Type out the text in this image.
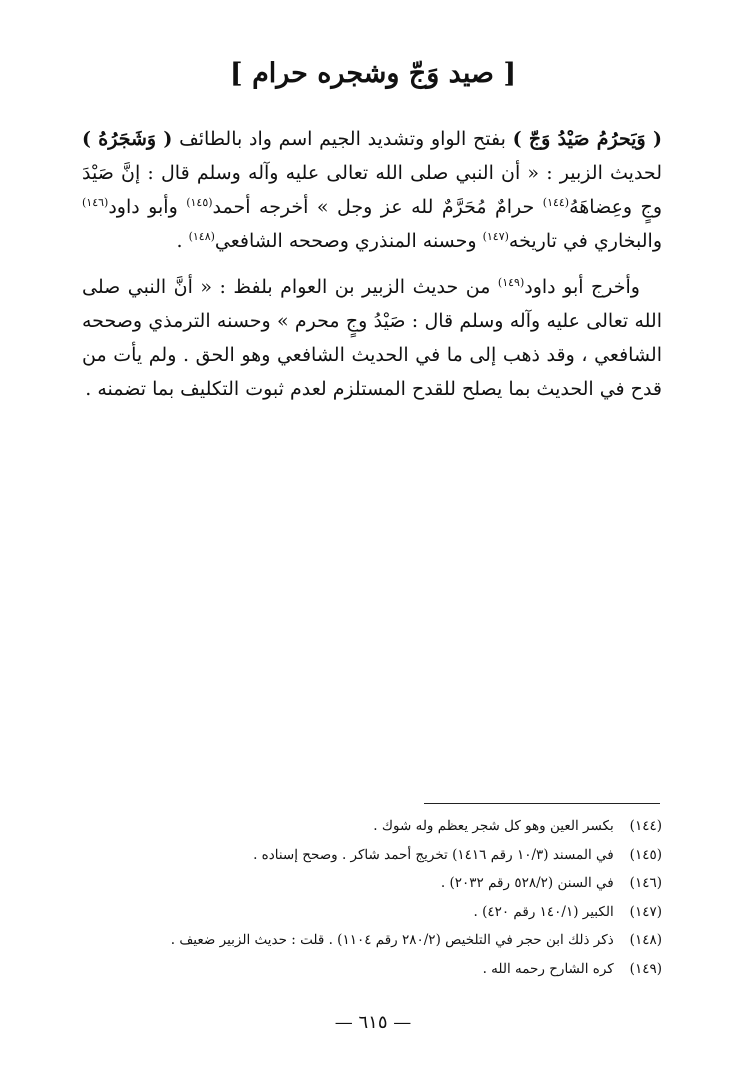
[ صيد وَجّ وشجره حرام ]

( وَيَحرُمُ صَيْدُ وَجّ ) بفتح الواو وتشديد الجيم اسم واد بالطائف ( وَشَجَرُهُ ) لحديث الزبير : « أن النبي صلى الله تعالى عليه وآله وسلم قال : إنَّ صَيْدَ وجٍ وعِضاهَهُ$^{(١٤٤)}$ حرامٌ مُحَرَّمٌ لله عز وجل » أخرجه أحمد$^{(١٤٥)}$ وأبو داود$^{(١٤٦)}$ والبخاري في تاريخه$^{(١٤٧)}$ وحسنه المنذري وصححه الشافعي$^{(١٤٨)}$ .

وأخرج أبو داود$^{(١٤٩)}$ من حديث الزبير بن العوام بلفظ : « أنَّ النبي صلى الله تعالى عليه وآله وسلم قال : صَيْدُ وجٍ محرم » وحسنه الترمذي وصححه الشافعي ، وقد ذهب إلى ما في الحديث الشافعي وهو الحق . ولم يأت من قدح في الحديث بما يصلح للقدح المستلزم لعدم ثبوت التكليف بما تضمنه .

(١٤٤) بكسر العين وهو كل شجر يعظم وله شوك .
(١٤٥) في المسند (١٠/٣ رقم ١٤١٦) تخريج أحمد شاكر . وصحح إسناده .
(١٤٦) في السنن (٥٢٨/٢ رقم ٢٠٣٢) .
(١٤٧) الكبير (١٤٠/١ رقم ٤٢٠) .
(١٤٨) ذكر ذلك ابن حجر في التلخيص (٢٨٠/٢ رقم ١١٠٤) . قلت : حديث الزبير ضعيف .
(١٤٩) كره الشارح رحمه الله .
— ٦١٥ —
